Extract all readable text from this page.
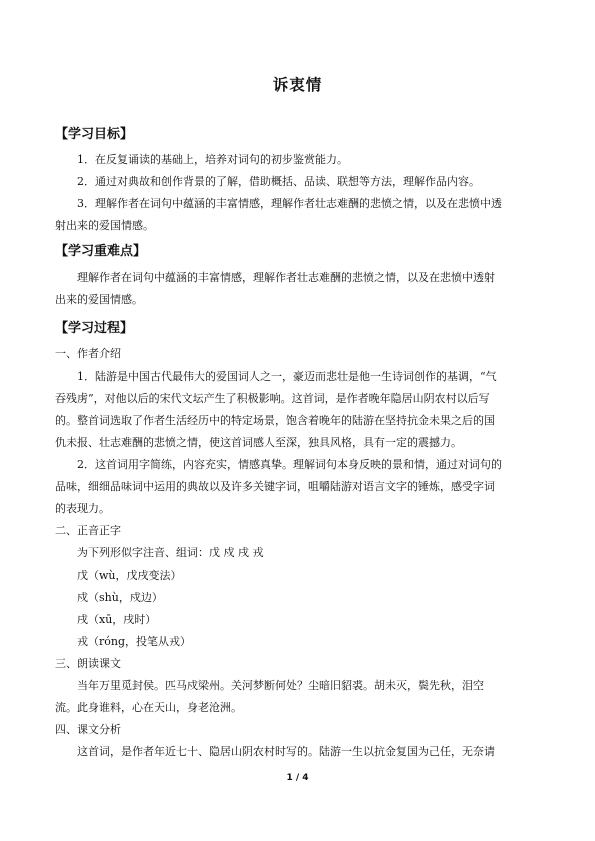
诉衷情
【学习目标】
1．在反复诵读的基础上，培养对词句的初步鉴赏能力。
2．通过对典故和创作背景的了解，借助概括、品读、联想等方法，理解作品内容。
3．理解作者在词句中蕴涵的丰富情感，理解作者壮志难酬的悲愤之情，以及在悲愤中透
射出来的爱国情感。
【学习重难点】
理解作者在词句中蕴涵的丰富情感，理解作者壮志难酬的悲愤之情，以及在悲愤中透射
出来的爱国情感。
【学习过程】
一、作者介绍
1．陆游是中国古代最伟大的爱国词人之一，豪迈而悲壮是他一生诗词创作的基调，“气
吞残虏”，对他以后的宋代文坛产生了积极影响。这首词，是作者晚年隐居山阴农村以后写
的。整首词选取了作者生活经历中的特定场景，饱含着晚年的陆游在坚持抗金未果之后的国
仇未报、壮志难酬的悲愤之情，使这首词感人至深，独具风格，具有一定的震撼力。
2．这首词用字简练，内容充实，情感真挚。理解词句本身反映的景和情，通过对词句的
品味，细细品味词中运用的典故以及许多关键字词，咀嚼陆游对语言文字的锤炼，感受字词
的表现力。
二、正音正字
为下列形似字注音、组词：戊 戍 戌 戎
戊（wù，戊戌变法）
戍（shù，戍边）
戌（xū，戌时）
戎（róng，投笔从戎）
三、朗读课文
当年万里觅封侯。匹马戍梁州。关河梦断何处？尘暗旧貂裘。胡未灭，鬓先秋，泪空
流。此身谁料，心在天山，身老沧洲。
四、课文分析
这首词，是作者年近七十、隐居山阴农村时写的。陆游一生以抗金复国为己任，无奈请
1 / 4
